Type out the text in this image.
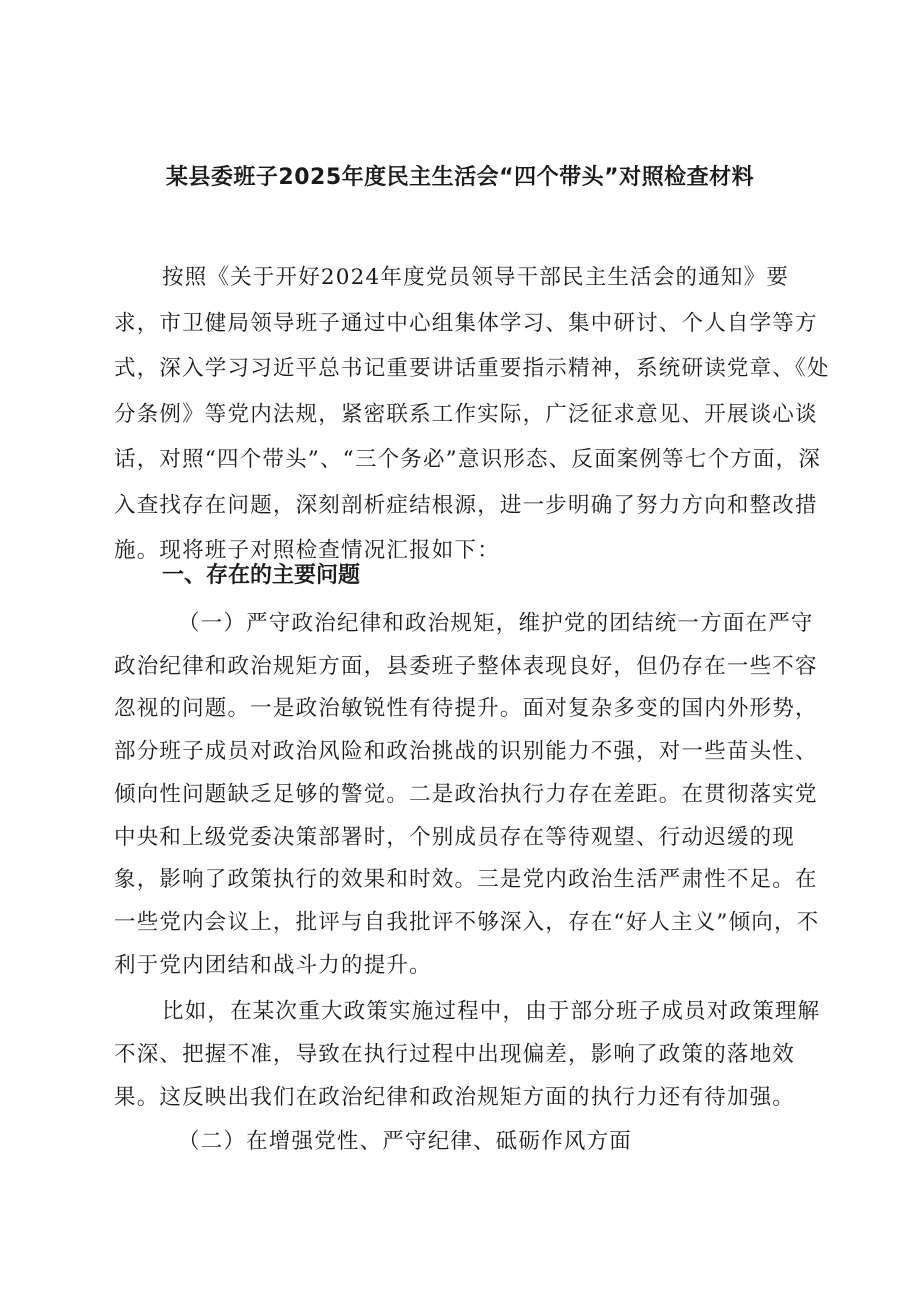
某县委班子2025年度民主生活会“四个带头”对照检查材料

按照《关于开好2024年度党员领导干部民主生活会的通知》要求，市卫健局领导班子通过中心组集体学习、集中研讨、个人自学等方式，深入学习习近平总书记重要讲话重要指示精神，系统研读党章、《处分条例》等党内法规，紧密联系工作实际，广泛征求意见、开展谈心谈话，对照“四个带头”、“三个务必”意识形态、反面案例等七个方面，深入查找存在问题，深刻剖析症结根源，进一步明确了努力方向和整改措施。现将班子对照检查情况汇报如下：

一、存在的主要问题

（一）严守政治纪律和政治规矩，维护党的团结统一方面在严守政治纪律和政治规矩方面，县委班子整体表现良好，但仍存在一些不容忽视的问题。一是政治敏锐性有待提升。面对复杂多变的国内外形势，部分班子成员对政治风险和政治挑战的识别能力不强，对一些苗头性、倾向性问题缺乏足够的警觉。二是政治执行力存在差距。在贯彻落实党中央和上级党委决策部署时，个别成员存在等待观望、行动迟缓的现象，影响了政策执行的效果和时效。三是党内政治生活严肃性不足。在一些党内会议上，批评与自我批评不够深入，存在“好人主义”倾向，不利于党内团结和战斗力的提升。

比如，在某次重大政策实施过程中，由于部分班子成员对政策理解不深、把握不准，导致在执行过程中出现偏差，影响了政策的落地效果。这反映出我们在政治纪律和政治规矩方面的执行力还有待加强。

（二）在增强党性、严守纪律、砥砺作风方面
